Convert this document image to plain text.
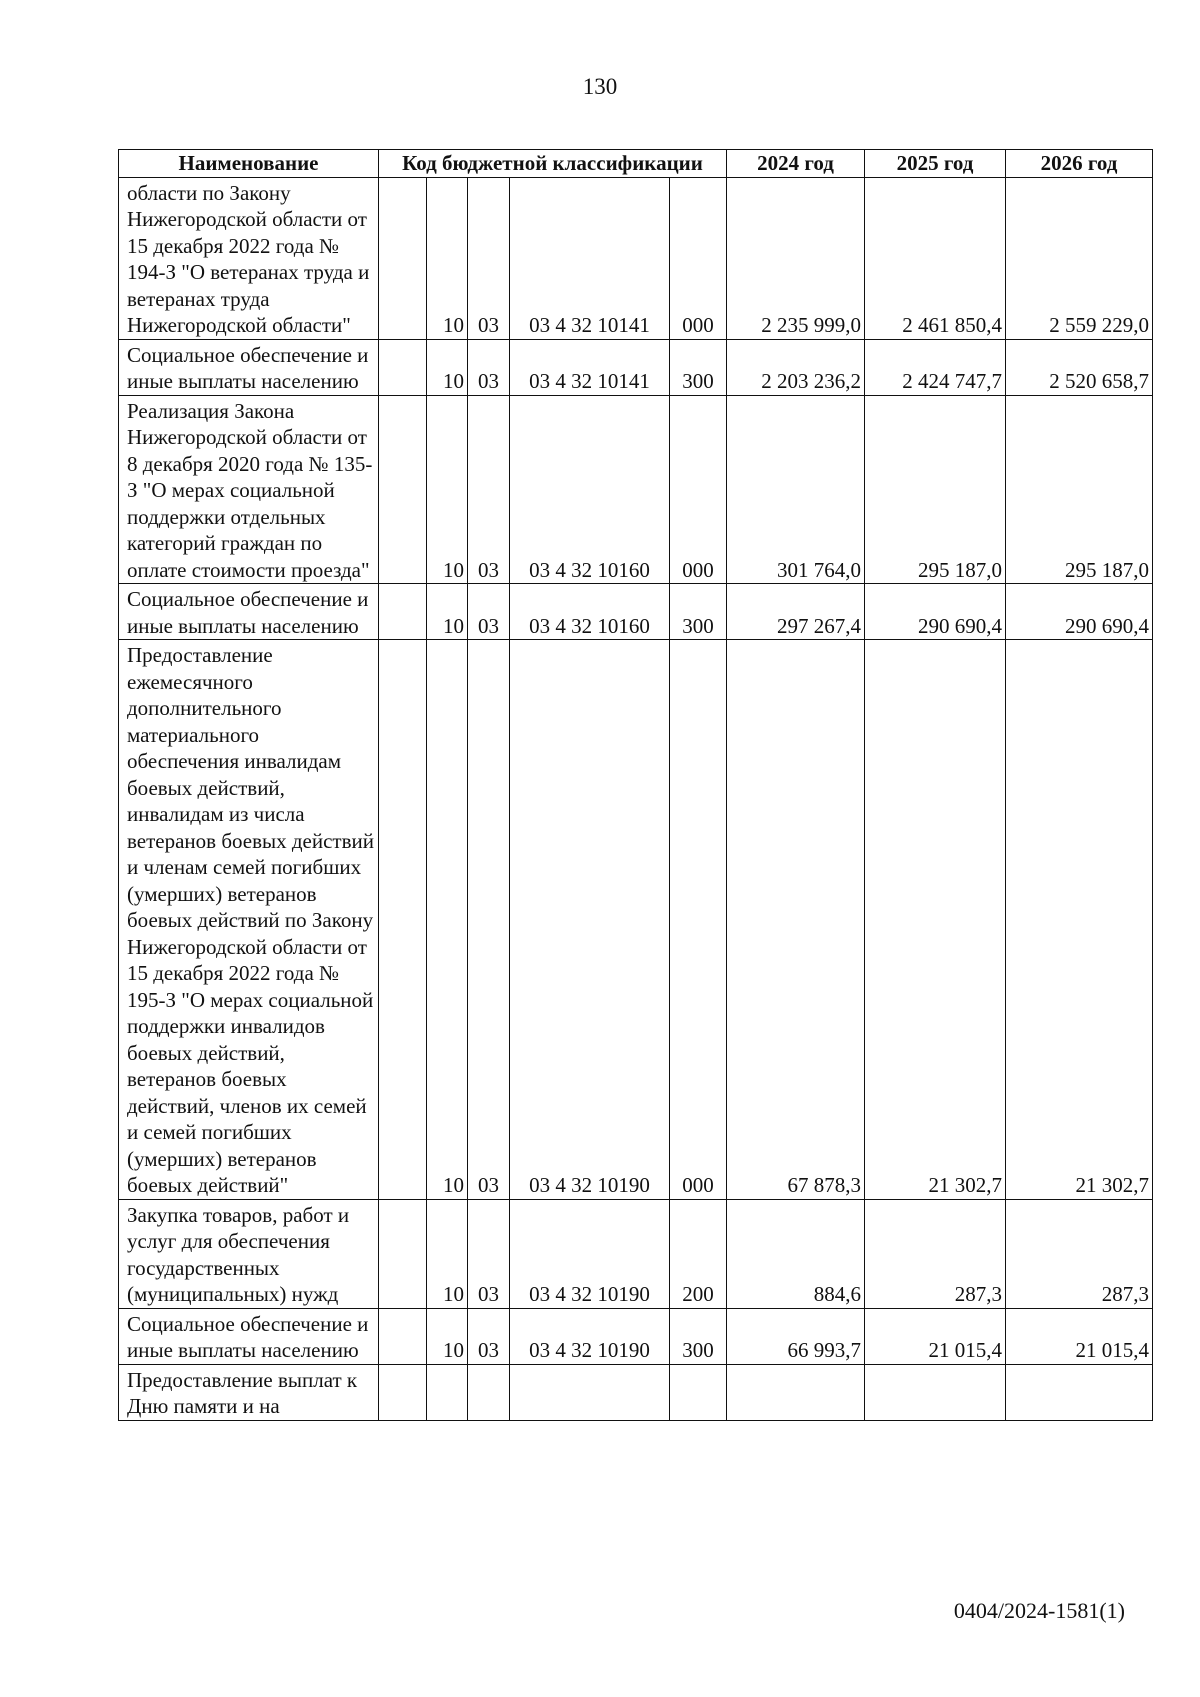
130
Наименование	Код бюджетной классификации					2024 год	2025 год	2026 год
области по Закону Нижегородской области от 15 декабря 2022 года № 194-З "О ветеранах труда и ветеранах труда Нижегородской области"		10	03	03 4 32 10141	000	2 235 999,0	2 461 850,4	2 559 229,0
Социальное обеспечение и иные выплаты населению		10	03	03 4 32 10141	300	2 203 236,2	2 424 747,7	2 520 658,7
Реализация Закона Нижегородской области от 8 декабря 2020 года № 135-З "О мерах социальной поддержки отдельных категорий граждан по оплате стоимости проезда"		10	03	03 4 32 10160	000	301 764,0	295 187,0	295 187,0
Социальное обеспечение и иные выплаты населению		10	03	03 4 32 10160	300	297 267,4	290 690,4	290 690,4
Предоставление ежемесячного дополнительного материального обеспечения инвалидам боевых действий, инвалидам из числа ветеранов боевых действий и членам семей погибших (умерших) ветеранов боевых действий по Закону Нижегородской области от 15 декабря 2022 года № 195-З "О мерах социальной поддержки инвалидов боевых действий, ветеранов боевых действий, членов их семей и семей погибших (умерших) ветеранов боевых действий"		10	03	03 4 32 10190	000	67 878,3	21 302,7	21 302,7
Закупка товаров, работ и услуг для обеспечения государственных (муниципальных) нужд		10	03	03 4 32 10190	200	884,6	287,3	287,3
Социальное обеспечение и иные выплаты населению		10	03	03 4 32 10190	300	66 993,7	21 015,4	21 015,4
Предоставление выплат к Дню памяти и на								
0404/2024-1581(1)
